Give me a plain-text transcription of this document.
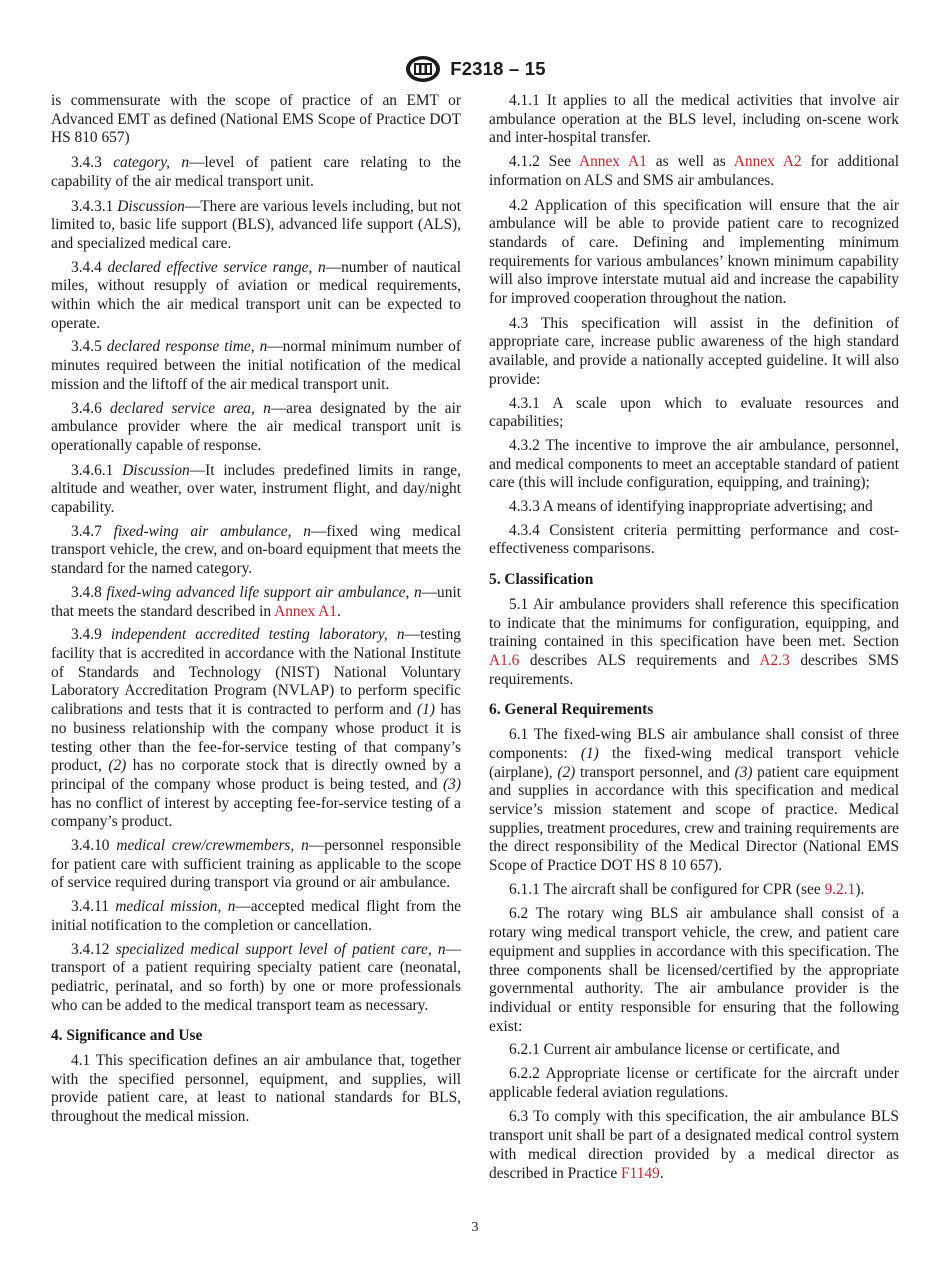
F2318 – 15

is commensurate with the scope of practice of an EMT or Advanced EMT as defined (National EMS Scope of Practice DOT HS 810 657)

3.4.3 category, n—level of patient care relating to the capability of the air medical transport unit.

3.4.3.1 Discussion—There are various levels including, but not limited to, basic life support (BLS), advanced life support (ALS), and specialized medical care.

3.4.4 declared effective service range, n—number of nautical miles, without resupply of aviation or medical requirements, within which the air medical transport unit can be expected to operate.

3.4.5 declared response time, n—normal minimum number of minutes required between the initial notification of the medical mission and the liftoff of the air medical transport unit.

3.4.6 declared service area, n—area designated by the air ambulance provider where the air medical transport unit is operationally capable of response.

3.4.6.1 Discussion—It includes predefined limits in range, altitude and weather, over water, instrument flight, and day/night capability.

3.4.7 fixed-wing air ambulance, n—fixed wing medical transport vehicle, the crew, and on-board equipment that meets the standard for the named category.

3.4.8 fixed-wing advanced life support air ambulance, n—unit that meets the standard described in Annex A1.

3.4.9 independent accredited testing laboratory, n—testing facility that is accredited in accordance with the National Institute of Standards and Technology (NIST) National Voluntary Laboratory Accreditation Program (NVLAP) to perform specific calibrations and tests that it is contracted to perform and (1) has no business relationship with the company whose product it is testing other than the fee-for-service testing of that company’s product, (2) has no corporate stock that is directly owned by a principal of the company whose product is being tested, and (3) has no conflict of interest by accepting fee-for-service testing of a company’s product.

3.4.10 medical crew/crewmembers, n—personnel responsible for patient care with sufficient training as applicable to the scope of service required during transport via ground or air ambulance.

3.4.11 medical mission, n—accepted medical flight from the initial notification to the completion or cancellation.

3.4.12 specialized medical support level of patient care, n—transport of a patient requiring specialty patient care (neonatal, pediatric, perinatal, and so forth) by one or more professionals who can be added to the medical transport team as necessary.

4. Significance and Use

4.1 This specification defines an air ambulance that, together with the specified personnel, equipment, and supplies, will provide patient care, at least to national standards for BLS, throughout the medical mission.

4.1.1 It applies to all the medical activities that involve air ambulance operation at the BLS level, including on-scene work and inter-hospital transfer.

4.1.2 See Annex A1 as well as Annex A2 for additional information on ALS and SMS air ambulances.

4.2 Application of this specification will ensure that the air ambulance will be able to provide patient care to recognized standards of care. Defining and implementing minimum requirements for various ambulances’ known minimum capability will also improve interstate mutual aid and increase the capability for improved cooperation throughout the nation.

4.3 This specification will assist in the definition of appropriate care, increase public awareness of the high standard available, and provide a nationally accepted guideline. It will also provide:

4.3.1 A scale upon which to evaluate resources and capabilities;

4.3.2 The incentive to improve the air ambulance, personnel, and medical components to meet an acceptable standard of patient care (this will include configuration, equipping, and training);

4.3.3 A means of identifying inappropriate advertising; and

4.3.4 Consistent criteria permitting performance and cost-effectiveness comparisons.

5. Classification

5.1 Air ambulance providers shall reference this specification to indicate that the minimums for configuration, equipping, and training contained in this specification have been met. Section A1.6 describes ALS requirements and A2.3 describes SMS requirements.

6. General Requirements

6.1 The fixed-wing BLS air ambulance shall consist of three components: (1) the fixed-wing medical transport vehicle (airplane), (2) transport personnel, and (3) patient care equipment and supplies in accordance with this specification and medical service’s mission statement and scope of practice. Medical supplies, treatment procedures, crew and training requirements are the direct responsibility of the Medical Director (National EMS Scope of Practice DOT HS 8 10 657).

6.1.1 The aircraft shall be configured for CPR (see 9.2.1).

6.2 The rotary wing BLS air ambulance shall consist of a rotary wing medical transport vehicle, the crew, and patient care equipment and supplies in accordance with this specification. The three components shall be licensed/certified by the appropriate governmental authority. The air ambulance provider is the individual or entity responsible for ensuring that the following exist:

6.2.1 Current air ambulance license or certificate, and

6.2.2 Appropriate license or certificate for the aircraft under applicable federal aviation regulations.

6.3 To comply with this specification, the air ambulance BLS transport unit shall be part of a designated medical control system with medical direction provided by a medical director as described in Practice F1149.

3
